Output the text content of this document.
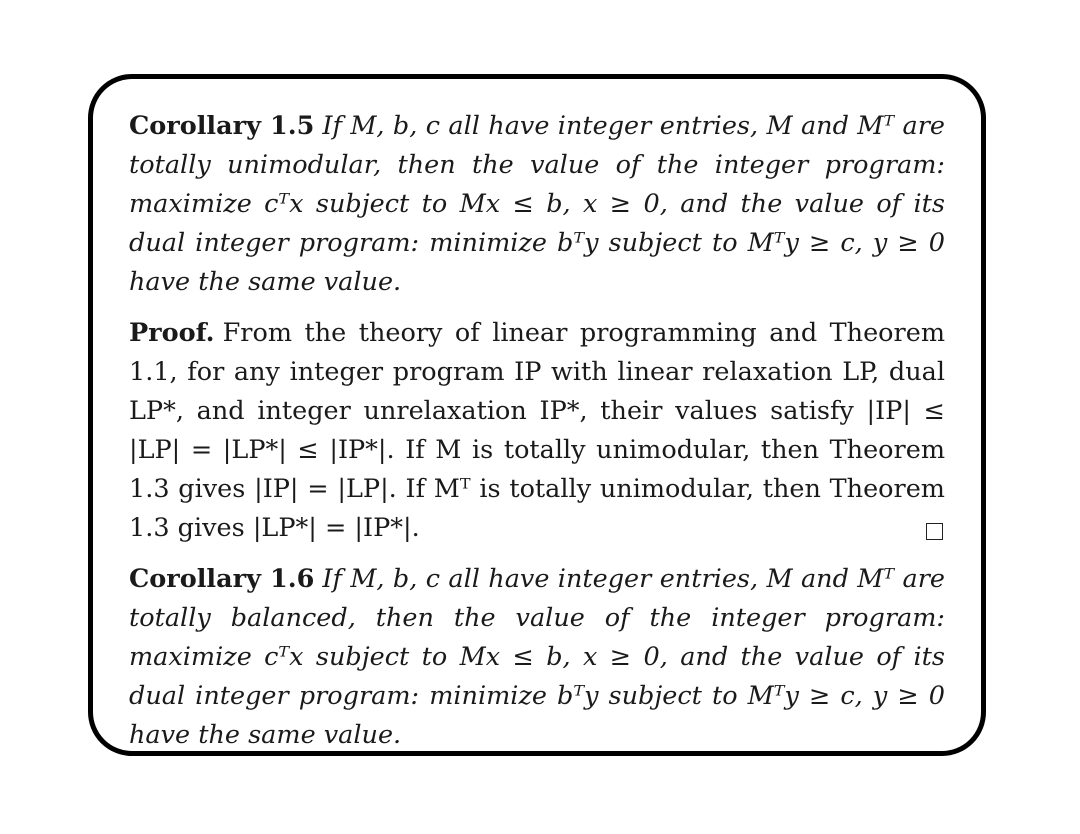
Corollary 1.5 If M, b, c all have integer entries, M and Mᵀ are totally unimodular, then the value of the integer program: maximize cᵀx subject to Mx ≤ b, x ≥ 0, and the value of its dual integer program: minimize bᵀy subject to Mᵀy ≥ c, y ≥ 0 have the same value.

Proof. From the theory of linear programming and Theorem 1.1, for any integer program IP with linear relaxation LP, dual LP*, and integer unrelaxation IP*, their values satisfy |IP| ≤ |LP| = |LP*| ≤ |IP*|. If M is totally unimodular, then Theorem 1.3 gives |IP| = |LP|. If Mᵀ is totally unimodular, then Theorem 1.3 gives |LP*| = |IP*|.

Corollary 1.6 If M, b, c all have integer entries, M and Mᵀ are totally balanced, then the value of the integer program: maximize cᵀx subject to Mx ≤ b, x ≥ 0, and the value of its dual integer program: minimize bᵀy subject to Mᵀy ≥ c, y ≥ 0 have the same value.
